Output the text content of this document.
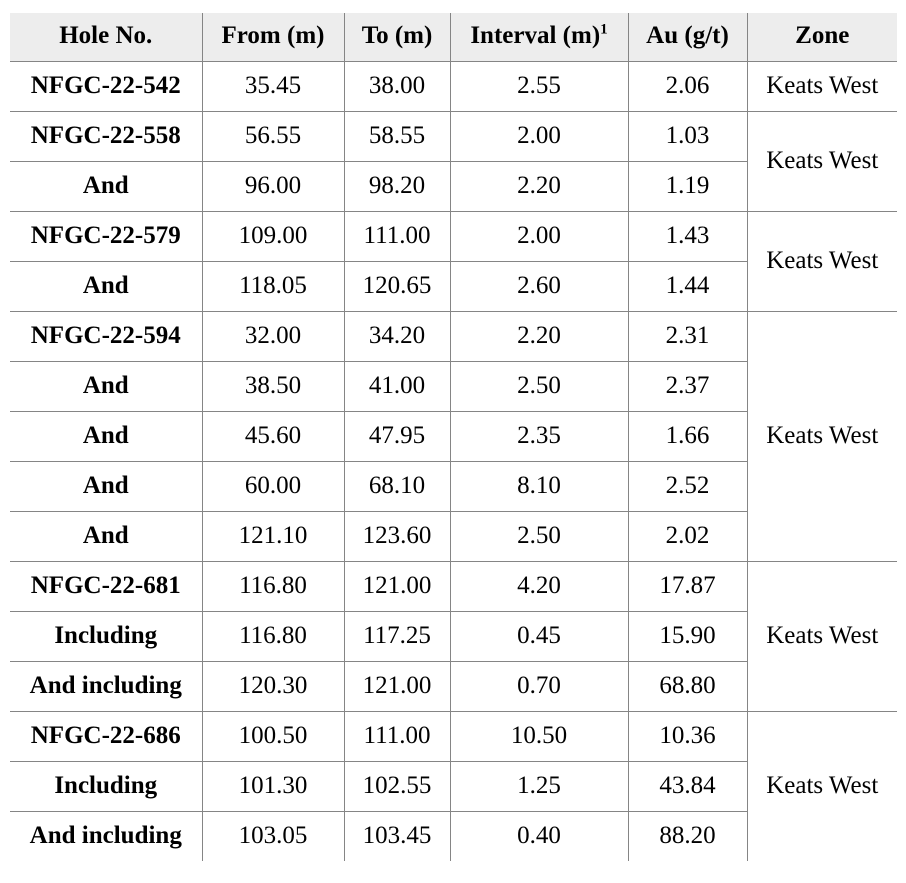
Hole No.	From (m)	To (m)	Interval $(m)^1$	Au (g/t)	Zone
NFGC-22-542	35.45	38.00	2.55	2.06	Keats West
NFGC-22-558	56.55	58.55	2.00	1.03	Keats West
And	96.00	98.20	2.20	1.19	
NFGC-22-579	109.00	111.00	2.00	1.43	Keats West
And	118.05	120.65	2.60	1.44	
NFGC-22-594	32.00	34.20	2.20	2.31	Keats West
And	38.50	41.00	2.50	2.37	
And	45.60	47.95	2.35	1.66	
And	60.00	68.10	8.10	2.52	
And	121.10	123.60	2.50	2.02	
NFGC-22-681	116.80	121.00	4.20	17.87	Keats West
Including	116.80	117.25	0.45	15.90	
And including	120.30	121.00	0.70	68.80	
NFGC-22-686	100.50	111.00	10.50	10.36	Keats West
Including	101.30	102.55	1.25	43.84	
And including	103.05	103.45	0.40	88.20	
